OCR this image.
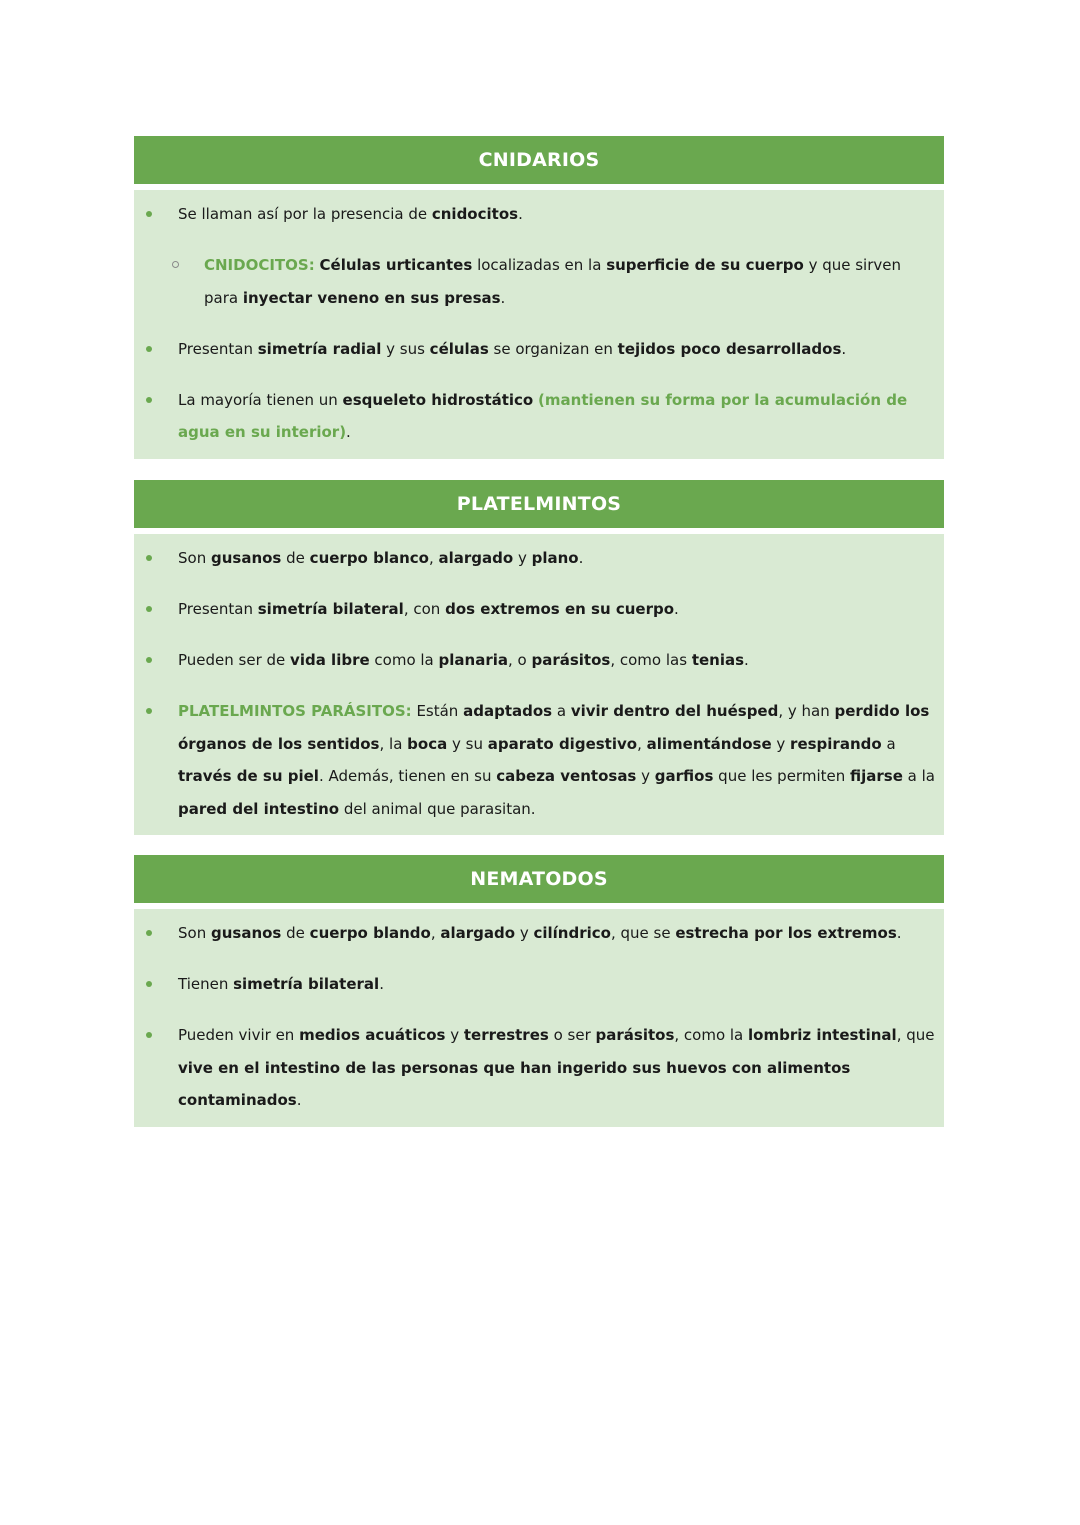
CNIDARIOS
Se llaman así por la presencia de cnidocitos.
CNIDOCITOS: Células urticantes localizadas en la superficie de su cuerpo y que sirven para inyectar veneno en sus presas.
Presentan simetría radial y sus células se organizan en tejidos poco desarrollados.
La mayoría tienen un esqueleto hidrostático (mantienen su forma por la acumulación de agua en su interior).
PLATELMINTOS
Son gusanos de cuerpo blanco, alargado y plano.
Presentan simetría bilateral, con dos extremos en su cuerpo.
Pueden ser de vida libre como la planaria, o parásitos, como las tenias.
PLATELMINTOS PARÁSITOS: Están adaptados a vivir dentro del huésped, y han perdido los órganos de los sentidos, la boca y su aparato digestivo, alimentándose y respirando a través de su piel. Además, tienen en su cabeza ventosas y garfios que les permiten fijarse a la pared del intestino del animal que parasitan.
NEMATODOS
Son gusanos de cuerpo blando, alargado y cilíndrico, que se estrecha por los extremos.
Tienen simetría bilateral.
Pueden vivir en medios acuáticos y terrestres o ser parásitos, como la lombriz intestinal, que vive en el intestino de las personas que han ingerido sus huevos con alimentos contaminados.
